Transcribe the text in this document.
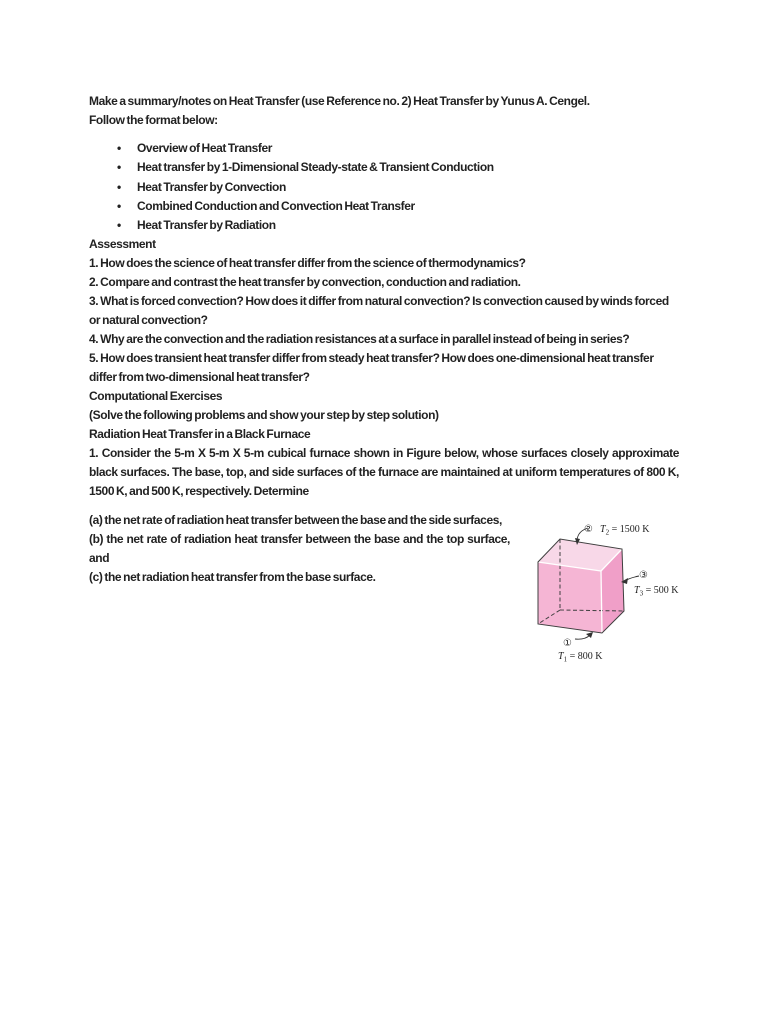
Make a summary/notes on Heat Transfer (use Reference no. 2) Heat Transfer by Yunus A. Cengel.

Follow the format below:

• Overview of Heat Transfer
• Heat transfer by 1-Dimensional Steady-state & Transient Conduction
• Heat Transfer by Convection
• Combined Conduction and Convection Heat Transfer
• Heat Transfer by Radiation
Assessment

1. How does the science of heat transfer differ from the science of thermodynamics?

2. Compare and contrast the heat transfer by convection, conduction and radiation.

3. What is forced convection? How does it differ from natural convection? Is convection caused by winds forced or natural convection?

4. Why are the convection and the radiation resistances at a surface in parallel instead of being in series?

5. How does transient heat transfer differ from steady heat transfer? How does one-dimensional heat transfer differ from two-dimensional heat transfer?

Computational Exercises

(Solve the following problems and show your step by step solution)

Radiation Heat Transfer in a Black Furnace

1. Consider the 5-m X 5-m X 5-m cubical furnace shown in Figure below, whose surfaces closely approximate black surfaces. The base, top, and side surfaces of the furnace are maintained at uniform temperatures of 800 K, 1500 K, and 500 K, respectively. Determine

(a) the net rate of radiation heat transfer between the base and the side surfaces,

(b) the net rate of radiation heat transfer between the base and the top surface, and

(c) the net radiation heat transfer from the base surface.

② $T_2 = 1500$ K
③
$T_3 = 500$ K
①
$T_1 = 800$ K
